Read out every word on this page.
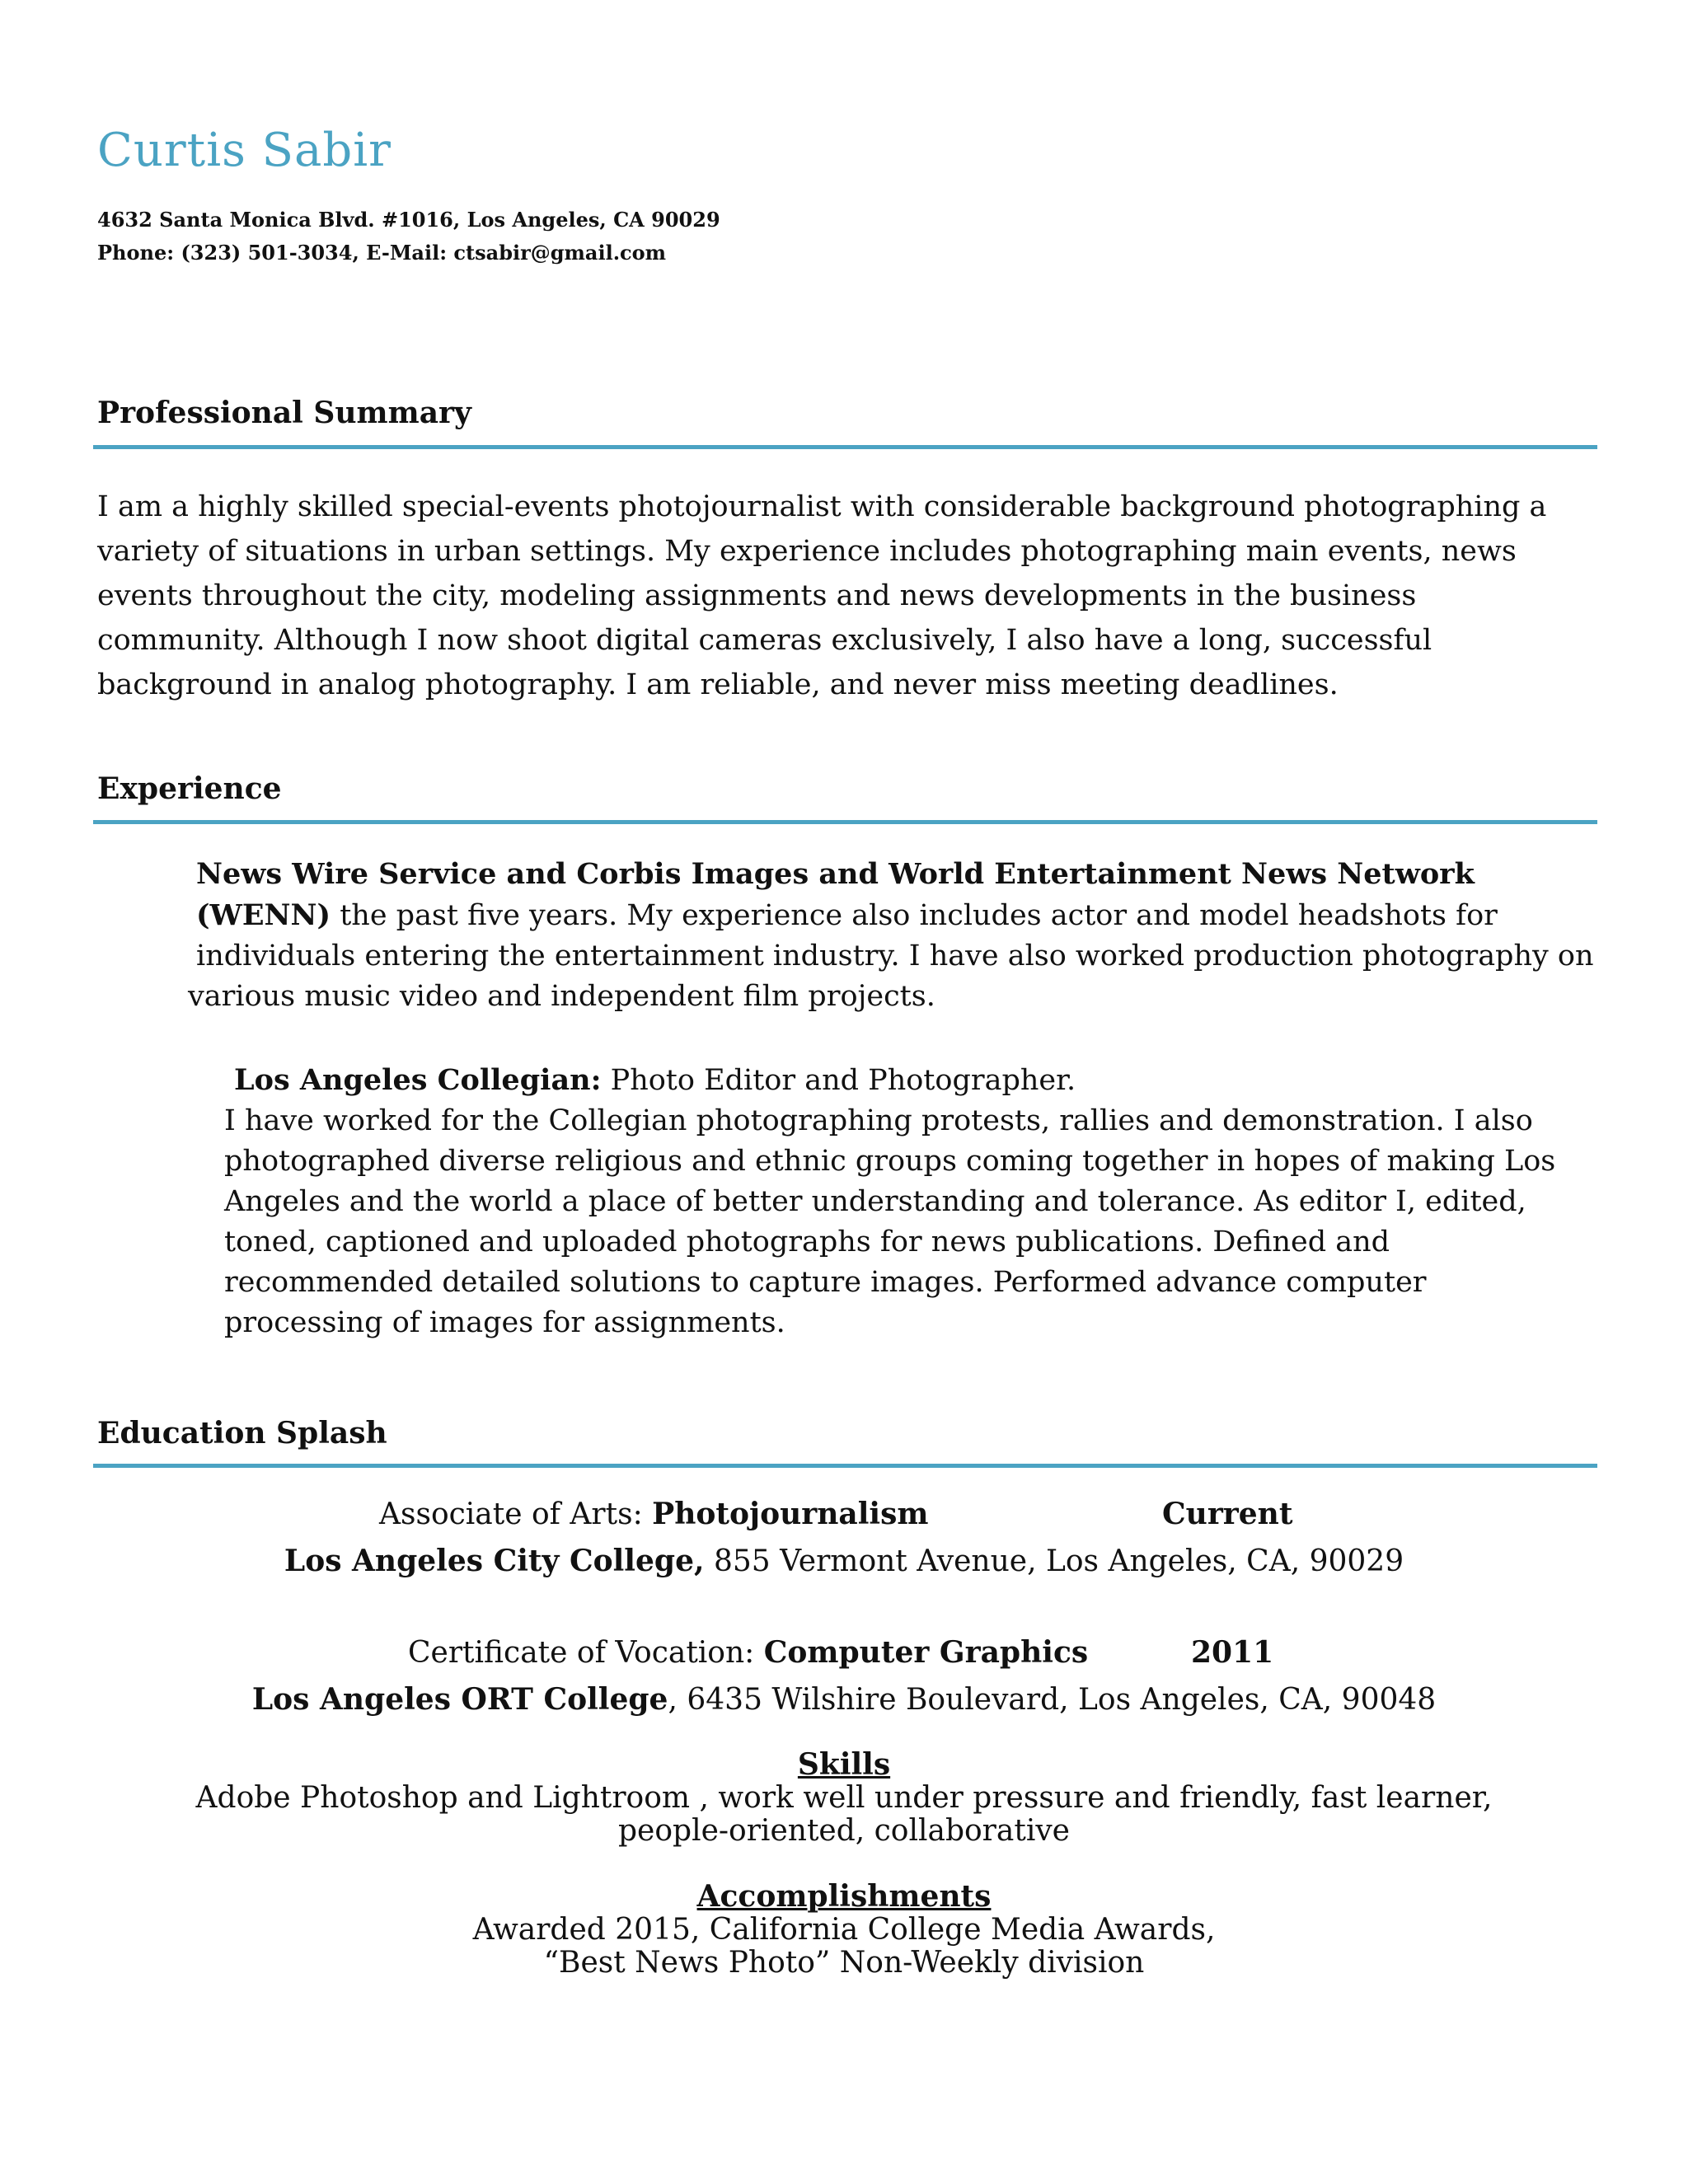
Curtis Sabir
4632 Santa Monica Blvd. #1016, Los Angeles, CA 90029
Phone: (323) 501-3034, E-Mail: ctsabir@gmail.com
Professional Summary
I am a highly skilled special-events photojournalist with considerable background photographing a
variety of situations in urban settings. My experience includes photographing main events, news
events throughout the city, modeling assignments and news developments in the business
community. Although I now shoot digital cameras exclusively, I also have a long, successful
background in analog photography. I am reliable, and never miss meeting deadlines.
Experience
News Wire Service and Corbis Images and World Entertainment News Network
(WENN) the past five years. My experience also includes actor and model headshots for
individuals entering the entertainment industry. I have also worked production photography on
various music video and independent film projects.
Los Angeles Collegian: Photo Editor and Photographer.
I have worked for the Collegian photographing protests, rallies and demonstration. I also
photographed diverse religious and ethnic groups coming together in hopes of making Los
Angeles and the world a place of better understanding and tolerance. As editor I, edited,
toned, captioned and uploaded photographs for news publications. Defined and
recommended detailed solutions to capture images. Performed advance computer
processing of images for assignments.
Education Splash
Associate of Arts: Photojournalism	Current
Los Angeles City College, 855 Vermont Avenue, Los Angeles, CA, 90029
Certificate of Vocation: Computer Graphics	2011
Los Angeles ORT College, 6435 Wilshire Boulevard, Los Angeles, CA, 90048
Skills
Adobe Photoshop and Lightroom , work well under pressure and friendly, fast learner,
people-oriented, collaborative
Accomplishments
Awarded 2015, California College Media Awards,
“Best News Photo” Non-Weekly division
